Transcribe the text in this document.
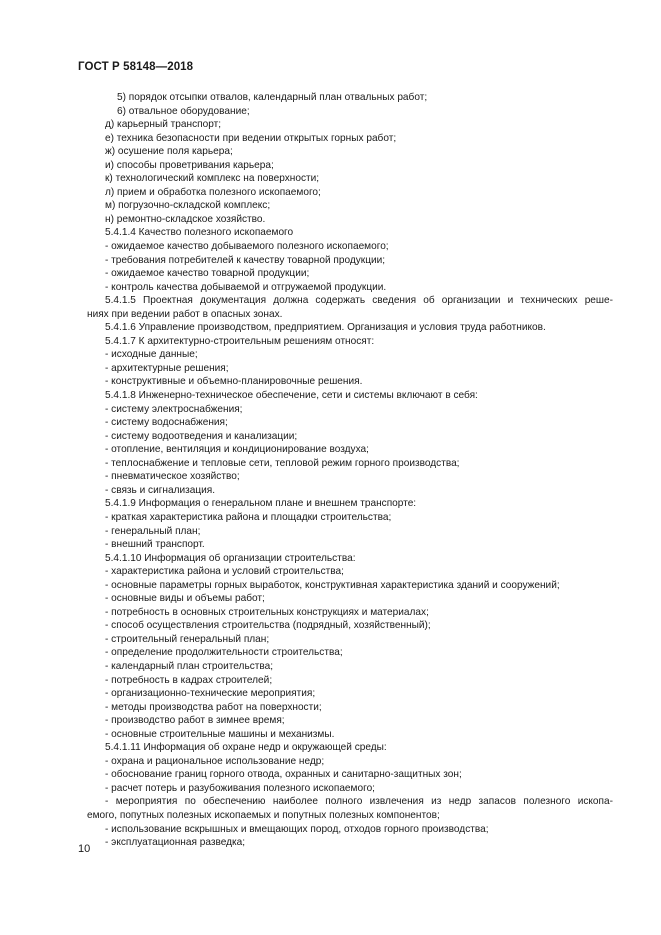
ГОСТ Р 58148—2018
5) порядок отсыпки отвалов, календарный план отвальных работ;
6) отвальное оборудование;
д) карьерный транспорт;
е) техника безопасности при ведении открытых горных работ;
ж) осушение поля карьера;
и) способы проветривания карьера;
к) технологический комплекс на поверхности;
л) прием и обработка полезного ископаемого;
м) погрузочно-складской комплекс;
н) ремонтно-складское хозяйство.
5.4.1.4 Качество полезного ископаемого
- ожидаемое качество добываемого полезного ископаемого;
- требования потребителей к качеству товарной продукции;
- ожидаемое качество товарной продукции;
- контроль качества добываемой и отгружаемой продукции.
5.4.1.5 Проектная документация должна содержать сведения об организации и технических реше-
ниях при ведении работ в опасных зонах.
5.4.1.6 Управление производством, предприятием. Организация и условия труда работников.
5.4.1.7 К архитектурно-строительным решениям относят:
- исходные данные;
- архитектурные решения;
- конструктивные и объемно-планировочные решения.
5.4.1.8 Инженерно-техническое обеспечение, сети и системы включают в себя:
- систему электроснабжения;
- систему водоснабжения;
- систему водоотведения и канализации;
- отопление, вентиляция и кондиционирование воздуха;
- теплоснабжение и тепловые сети, тепловой режим горного производства;
- пневматическое хозяйство;
- связь и сигнализация.
5.4.1.9 Информация о генеральном плане и внешнем транспорте:
- краткая характеристика района и площадки строительства;
- генеральный план;
- внешний транспорт.
5.4.1.10 Информация об организации строительства:
- характеристика района и условий строительства;
- основные параметры горных выработок, конструктивная характеристика зданий и сооружений;
- основные виды и объемы работ;
- потребность в основных строительных конструкциях и материалах;
- способ осуществления строительства (подрядный, хозяйственный);
- строительный генеральный план;
- определение продолжительности строительства;
- календарный план строительства;
- потребность в кадрах строителей;
- организационно-технические мероприятия;
- методы производства работ на поверхности;
- производство работ в зимнее время;
- основные строительные машины и механизмы.
5.4.1.11 Информация об охране недр и окружающей среды:
- охрана и рациональное использование недр;
- обоснование границ горного отвода, охранных и санитарно-защитных зон;
- расчет потерь и разубоживания полезного ископаемого;
- мероприятия по обеспечению наиболее полного извлечения из недр запасов полезного ископа-
емого, попутных полезных ископаемых и попутных полезных компонентов;
- использование вскрышных и вмещающих пород, отходов горного производства;
- эксплуатационная разведка;
10
